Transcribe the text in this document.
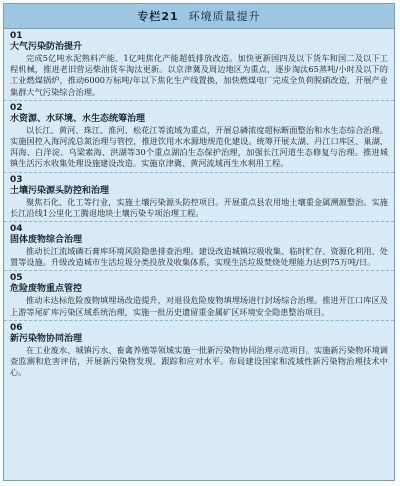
专栏21 环境质量提升
01
大气污染防治提升

完成5亿吨水泥熟料产能、1亿吨焦化产能超低排放改造。加快更新国四及以下货车和国二及以下工程机械，推进老旧营运柴油货车淘汰更新。以京津冀及周边地区为重点，逐步淘汰65蒸吨/小时及以下的工业燃煤锅炉，推动6000万标吨/年以下焦化生产线置换，加快燃煤电厂完成全负荷脱硝改造，开展产业集群大气污染综合治理。

02
水资源、水环境、水生态统筹治理

以长江、黄河、珠江、淮河、松花江等流域为重点，开展总磷浓度超标断面整治和水生态综合治理。实施国控入海河流总氮治理与管控，推进饮用水水源地规范化建设。统筹开展太湖、丹江口库区、巢湖、洱海、白洋淀、乌梁素海、洪湖等30个重点湖泊生态保护治理，加强长江河道生态修复与治理。推进城镇生活污水收集处理设施建设改造。实施京津冀、黄河流域再生水利用工程。

03
土壤污染源头防控和治理

聚焦石化、化工等行业，实施土壤污染源头防控项目。开展重点县农用地土壤重金属溯源整治。实施长江沿线1公里化工腾退地块土壤污染专项治理工程。

04
固体废物综合治理

推动长江流域磷石膏库环境风险隐患排查治理。建设改造城镇垃圾收集、临时贮存、资源化利用、处置等设施。升级改造城市生活垃圾分类投放及收集体系，实现生活垃圾焚烧处理能力达到75万吨/日。

05
危险废物重点管控

推动未达标危险废物填埋场改造提升，对退役危险废物填埋场进行封场综合治理。推进开江口库区及上游等尾矿库污染区域系统治理，实施一批历史遗留重金属矿区环境安全隐患整治项目。

06
新污染物协同治理

在工业废水、城镇污水、畜禽养殖等领域实施一批新污染物协同治理示范项目。实施新污染物环境调查监测和危害评估，开展新污染物发现、跟踪和应对水平。布局建设国家和流域性新污染物治理技术中心。
